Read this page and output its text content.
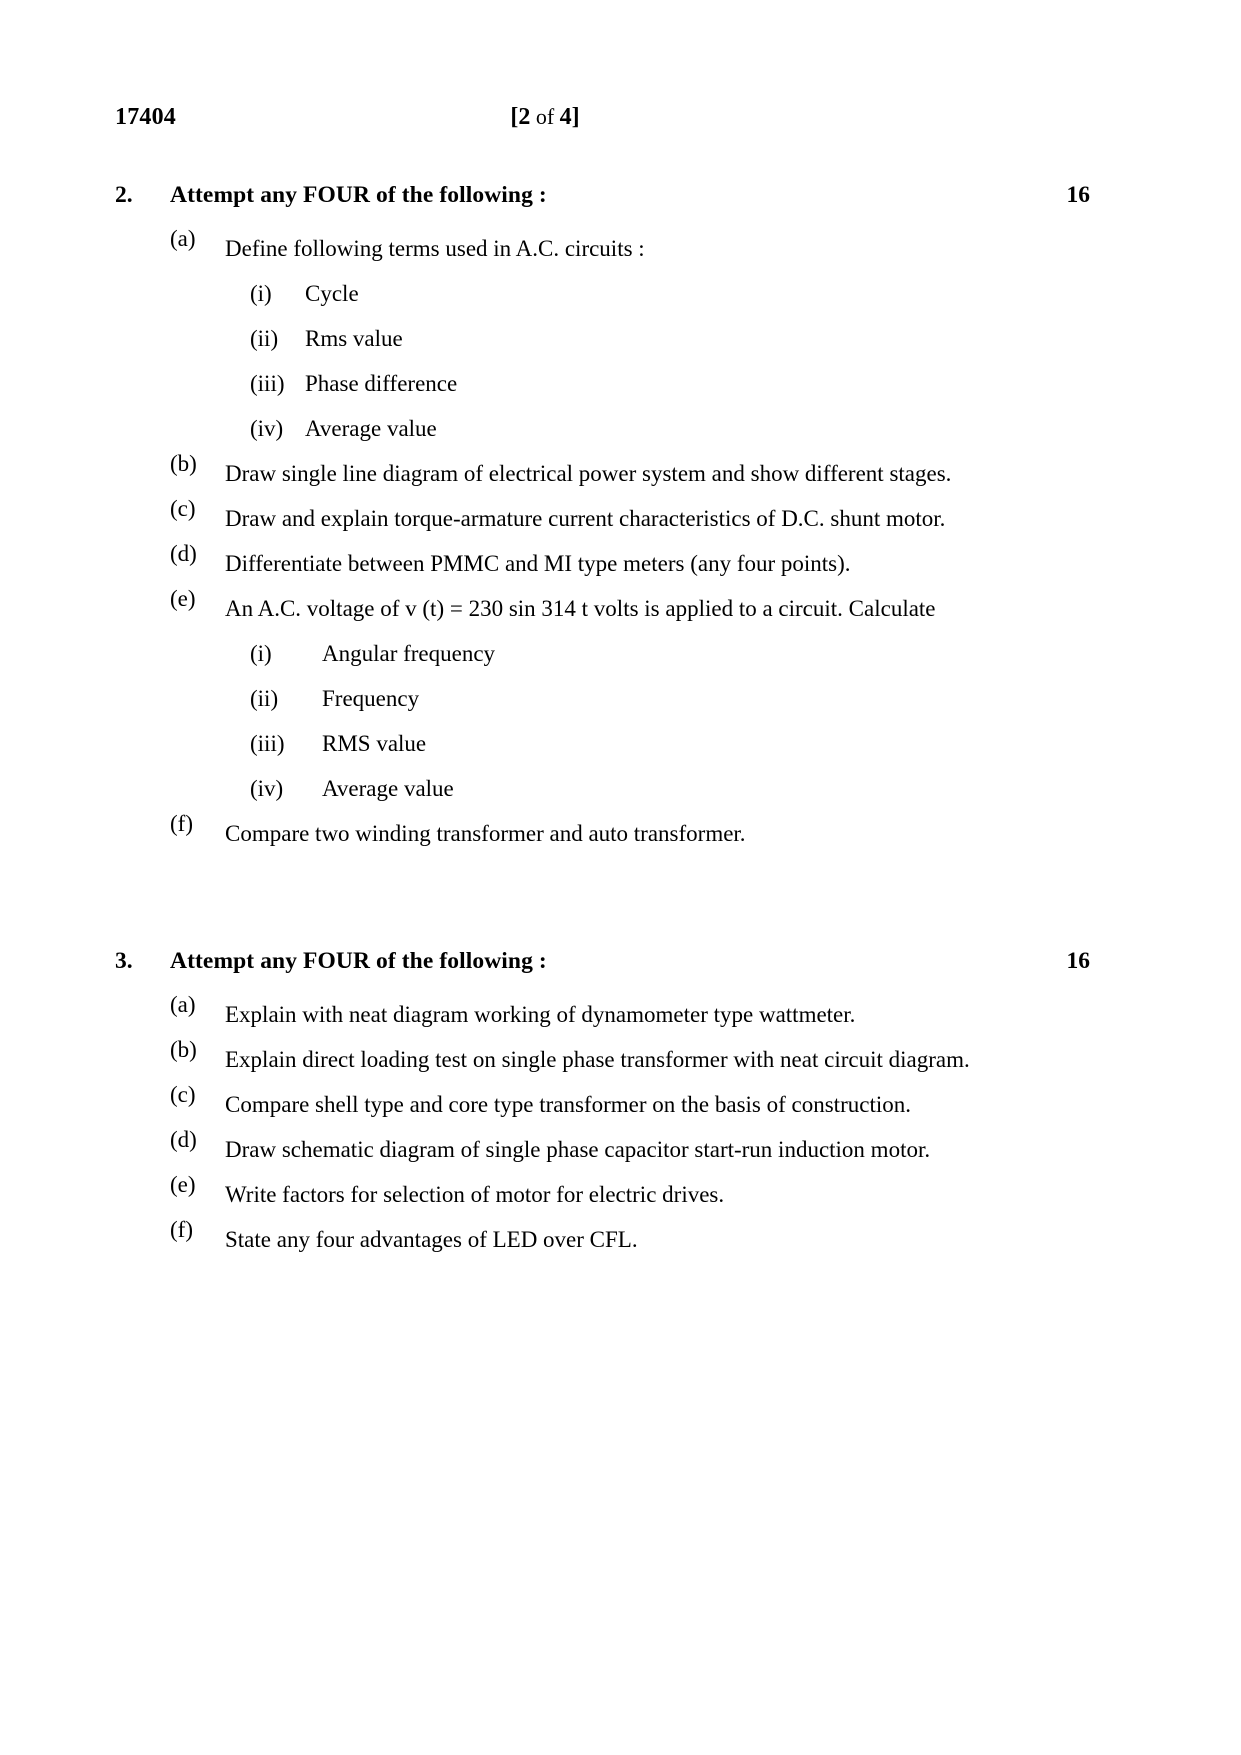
17404	[2 of 4]
2. Attempt any FOUR of the following :	16
(a) Define following terms used in A.C. circuits :
(i) Cycle
(ii) Rms value
(iii) Phase difference
(iv) Average value
(b) Draw single line diagram of electrical power system and show different stages.
(c) Draw and explain torque-armature current characteristics of D.C. shunt motor.
(d) Differentiate between PMMC and MI type meters (any four points).
(e) An A.C. voltage of v (t) = 230 sin 314 t volts is applied to a circuit. Calculate
(i) Angular frequency
(ii) Frequency
(iii) RMS value
(iv) Average value
(f) Compare two winding transformer and auto transformer.
3. Attempt any FOUR of the following :	16
(a) Explain with neat diagram working of dynamometer type wattmeter.
(b) Explain direct loading test on single phase transformer with neat circuit diagram.
(c) Compare shell type and core type transformer on the basis of construction.
(d) Draw schematic diagram of single phase capacitor start-run induction motor.
(e) Write factors for selection of motor for electric drives.
(f) State any four advantages of LED over CFL.
